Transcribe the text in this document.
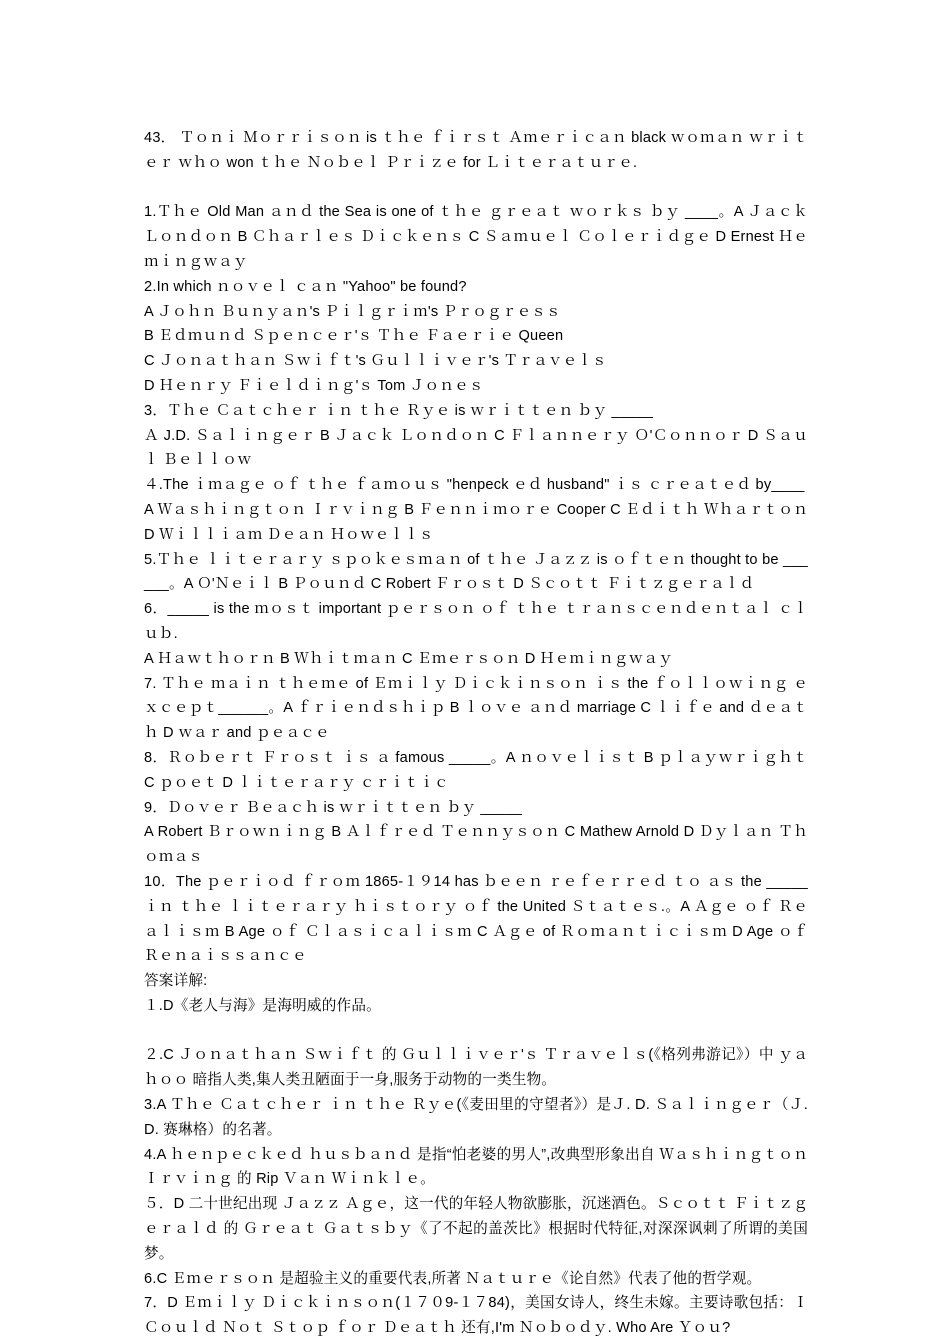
43． Ｔｏｎｉ Ｍｏｒｒｉｓｏｎ is ｔｈｅ ｆｉｒｓｔ Ａｍｅｒｉｃａｎ black ｗｏｍａｎ ｗｒｉｔｅｒ ｗｈｏ won ｔｈｅ Ｎｏｂｅｌ Ｐｒｉｚｅ for Ｌｉｔｅｒａｔｕｒｅ.

1.Ｔｈｅ Old Man ａｎｄ the Sea is one of ｔｈｅ ｇｒｅａｔ ｗｏｒｋｓ ｂｙ ____。A Ｊａｃｋ Ｌｏｎｄｏｎ B Ｃｈａｒｌｅｓ Ｄｉｃｋｅｎｓ C Ｓａｍｕｅｌ Ｃｏｌｅｒｉｄｇｅ D Ernest Ｈｅｍｉｎｇｗａｙ

2.In which ｎｏｖｅｌ ｃａｎ "Yahoo" be found?

A Ｊｏｈｎ Ｂｕｎｙａｎ's Ｐｉｌｇｒｉｍ's Ｐｒｏｇｒｅｓｓ

B Ｅｄｍｕｎｄ Ｓｐｅｎｃｅｒ'ｓ Ｔｈｅ Ｆａｅｒｉｅ Queen

C Ｊｏｎａｔｈａｎ Ｓｗｉｆｔ's Ｇｕｌｌｉｖｅｒ's Ｔｒａｖｅｌｓ

D Ｈｅｎｒｙ Ｆｉｅｌｄｉｎｇ'ｓ Tom Ｊｏｎｅｓ

3．Ｔｈｅ Ｃａｔｃｈｅｒ ｉｎ ｔｈｅ Ｒｙｅ is ｗｒｉｔｔｅｎ ｂｙ _____

Ａ J.D. Ｓａｌｉｎｇｅｒ B Ｊａｃｋ Ｌｏｎｄｏｎ C Ｆｌａｎｎｅｒｙ Ｏ'Ｃｏｎｎｏｒ D Ｓａｕｌ Ｂｅｌｌｏｗ

４.The ｉｍａｇｅ ｏｆ ｔｈｅ ｆａｍｏｕｓ "henpeck ｅｄ husband" ｉｓ ｃｒｅａｔｅｄ by____

A Ｗａｓｈｉｎｇｔｏｎ Ｉｒｖｉｎｇ B Ｆｅｎｎｉｍｏｒｅ Cooper C Ｅｄｉｔｈ Ｗｈａｒｔｏｎ D Ｗｉｌｌｉａｍ Ｄｅａｎ Ｈｏｗｅｌｌｓ

5.Ｔｈｅ ｌｉｔｅｒａｒｙ ｓｐｏｋｅｓｍａｎ of ｔｈｅ Ｊａｚｚ is ｏｆｔｅｎ thought to be ______。A Ｏ'Ｎｅｉｌ B Ｐｏｕｎｄ C Robert Ｆｒｏｓｔ D Ｓｃｏｔｔ Ｆｉｔｚｇｅｒａｌｄ

6．_____ is the ｍｏｓｔ important ｐｅｒｓｏｎ ｏｆ ｔｈｅ ｔｒａｎｓｃｅｎｄｅｎｔａｌ ｃｌｕｂ.

A Ｈａｗｔｈｏｒｎ B Ｗｈｉｔｍａｎ C Ｅｍｅｒｓｏｎ D Ｈｅｍｉｎｇｗａｙ

7. Ｔｈｅ ｍａｉｎ ｔｈｅｍｅ of Ｅｍｉｌｙ Ｄｉｃｋｉｎｓｏｎ ｉｓ the ｆｏｌｌｏｗｉｎｇ ｅｘｃｅｐｔ______。A ｆｒｉｅｎｄｓｈｉｐ B ｌｏｖｅ ａｎｄ marriage C ｌｉｆｅ and ｄｅａｔｈ D ｗａｒ and ｐｅａｃｅ

8．Ｒｏｂｅｒｔ Ｆｒｏｓｔ ｉｓ ａ famous _____。A ｎｏｖｅｌｉｓｔ B ｐｌａｙｗｒｉｇｈｔ C ｐｏｅｔ D ｌｉｔｅｒａｒｙ ｃｒｉｔｉｃ

9．Ｄｏｖｅｒ Ｂｅａｃｈ is ｗｒｉｔｔｅｎ ｂｙ _____

A Robert Ｂｒｏｗｎｉｎｇ B Ａｌｆｒｅｄ Ｔｅｎｎｙｓｏｎ C Mathew Arnold D Ｄｙｌａｎ Ｔｈｏｍａｓ

10．The ｐｅｒｉｏｄ ｆｒｏｍ 1865-１９14 has ｂｅｅｎ ｒｅｆｅｒｒｅｄ ｔｏ ａｓ the _____ ｉｎ ｔｈｅ ｌｉｔｅｒａｒｙ ｈｉｓｔｏｒｙ ｏｆ the United Ｓｔａｔｅｓ.。A Ａｇｅ ｏｆ Ｒｅａｌｉｓｍ B Age ｏｆ Ｃｌａｓｉｃａｌｉｓｍ C Ａｇｅ of Ｒｏｍａｎｔｉｃｉｓｍ D Age ｏｆ Ｒｅｎａｉｓｓａｎｃｅ

答案详解:

１.D《老人与海》是海明威的作品。

２.C Ｊｏｎａｔｈａｎ Ｓｗｉｆｔ 的 Ｇｕｌｌｉｖｅｒ'ｓ Ｔｒａｖｅｌｓ(《格列弗游记》）中 ｙａｈｏｏ 暗指人类,集人类丑陋面于一身,服务于动物的一类生物。

3.A Ｔｈｅ Ｃａｔｃｈｅｒ ｉｎ ｔｈｅ Ｒｙｅ(《麦田里的守望者》）是Ｊ. D. Ｓａｌｉｎｇｅｒ（Ｊ.D. 赛琳格）的名著。

4.A ｈｅｎｐｅｃｋｅｄ ｈｕｓｂａｎｄ 是指“怕老婆的男人”,改典型形象出自 Ｗａｓｈｉｎｇｔｏｎ Ｉｒｖｉｎｇ 的 Rip Ｖａｎ Ｗｉｎｋｌｅ。

５．D 二十世纪出现 Ｊａｚｚ Ａｇｅ，这一代的年轻人物欲膨胀，沉迷酒色。Ｓｃｏｔｔ Ｆｉｔｚｇｅｒａｌｄ 的 Ｇｒｅａｔ Ｇａｔｓｂｙ《了不起的盖茨比》根据时代特征,对深深讽刺了所谓的美国梦。

6.C Ｅｍｅｒｓｏｎ 是超验主义的重要代表,所著 Ｎａｔｕｒｅ《论自然》代表了他的哲学观。

7．D Ｅｍｉｌｙ Ｄｉｃｋｉｎｓｏｎ(１７０9-１７84)，美国女诗人，终生未嫁。主要诗歌包括：Ｉ Ｃｏｕｌｄ Ｎｏｔ Ｓｔｏｐ ｆｏｒ Ｄｅａｔｈ 还有,I'm Ｎｏｂｏｄｙ. Who Are Ｙｏｕ?
